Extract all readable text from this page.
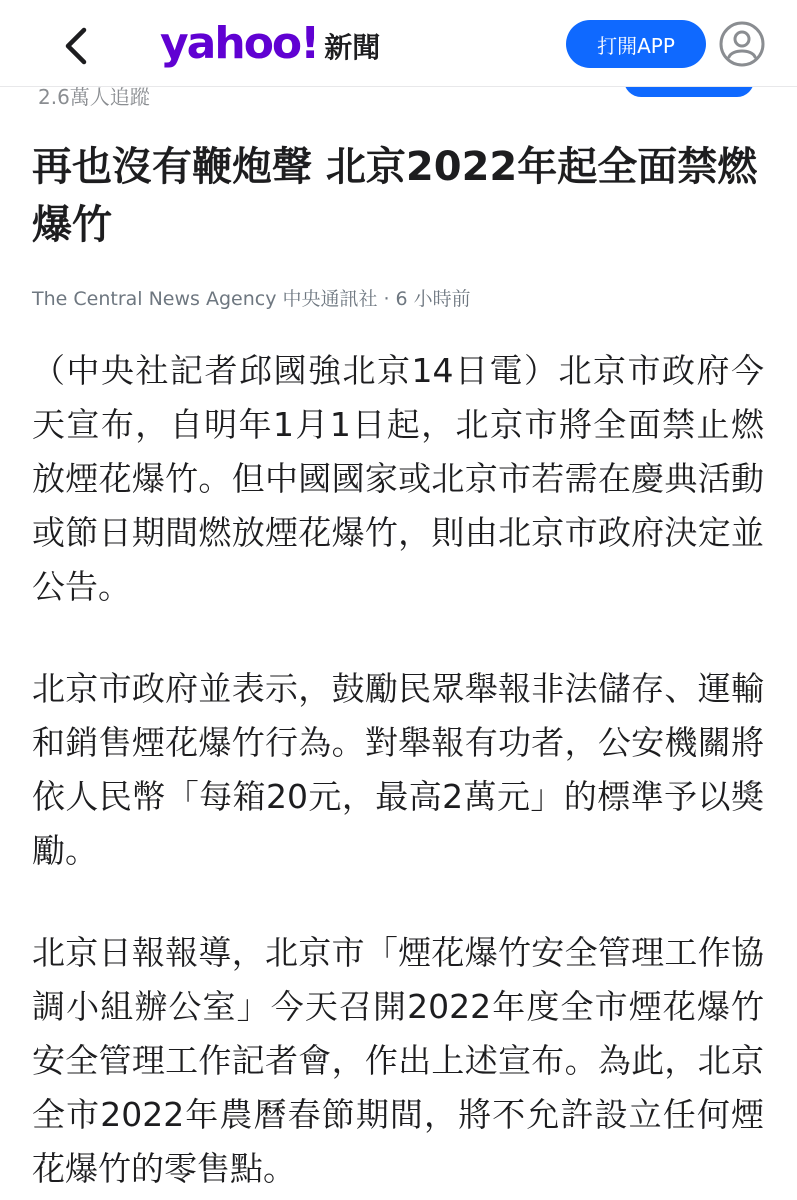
2.6萬人追蹤
yahoo! 新聞	打開APP
再也沒有鞭炮聲 北京2022年起全面禁燃爆竹
The Central News Agency 中央通訊社 · 6 小時前

（中央社記者邱國強北京14日電）北京市政府今天宣布，自明年1月1日起，北京市將全面禁止燃放煙花爆竹。但中國國家或北京市若需在慶典活動或節日期間燃放煙花爆竹，則由北京市政府決定並公告。

北京市政府並表示，鼓勵民眾舉報非法儲存、運輸和銷售煙花爆竹行為。對舉報有功者，公安機關將依人民幣「每箱20元，最高2萬元」的標準予以獎勵。

北京日報報導，北京市「煙花爆竹安全管理工作協調小組辦公室」今天召開2022年度全市煙花爆竹安全管理工作記者會，作出上述宣布。為此，北京全市2022年農曆春節期間，將不允許設立任何煙花爆竹的零售點。
